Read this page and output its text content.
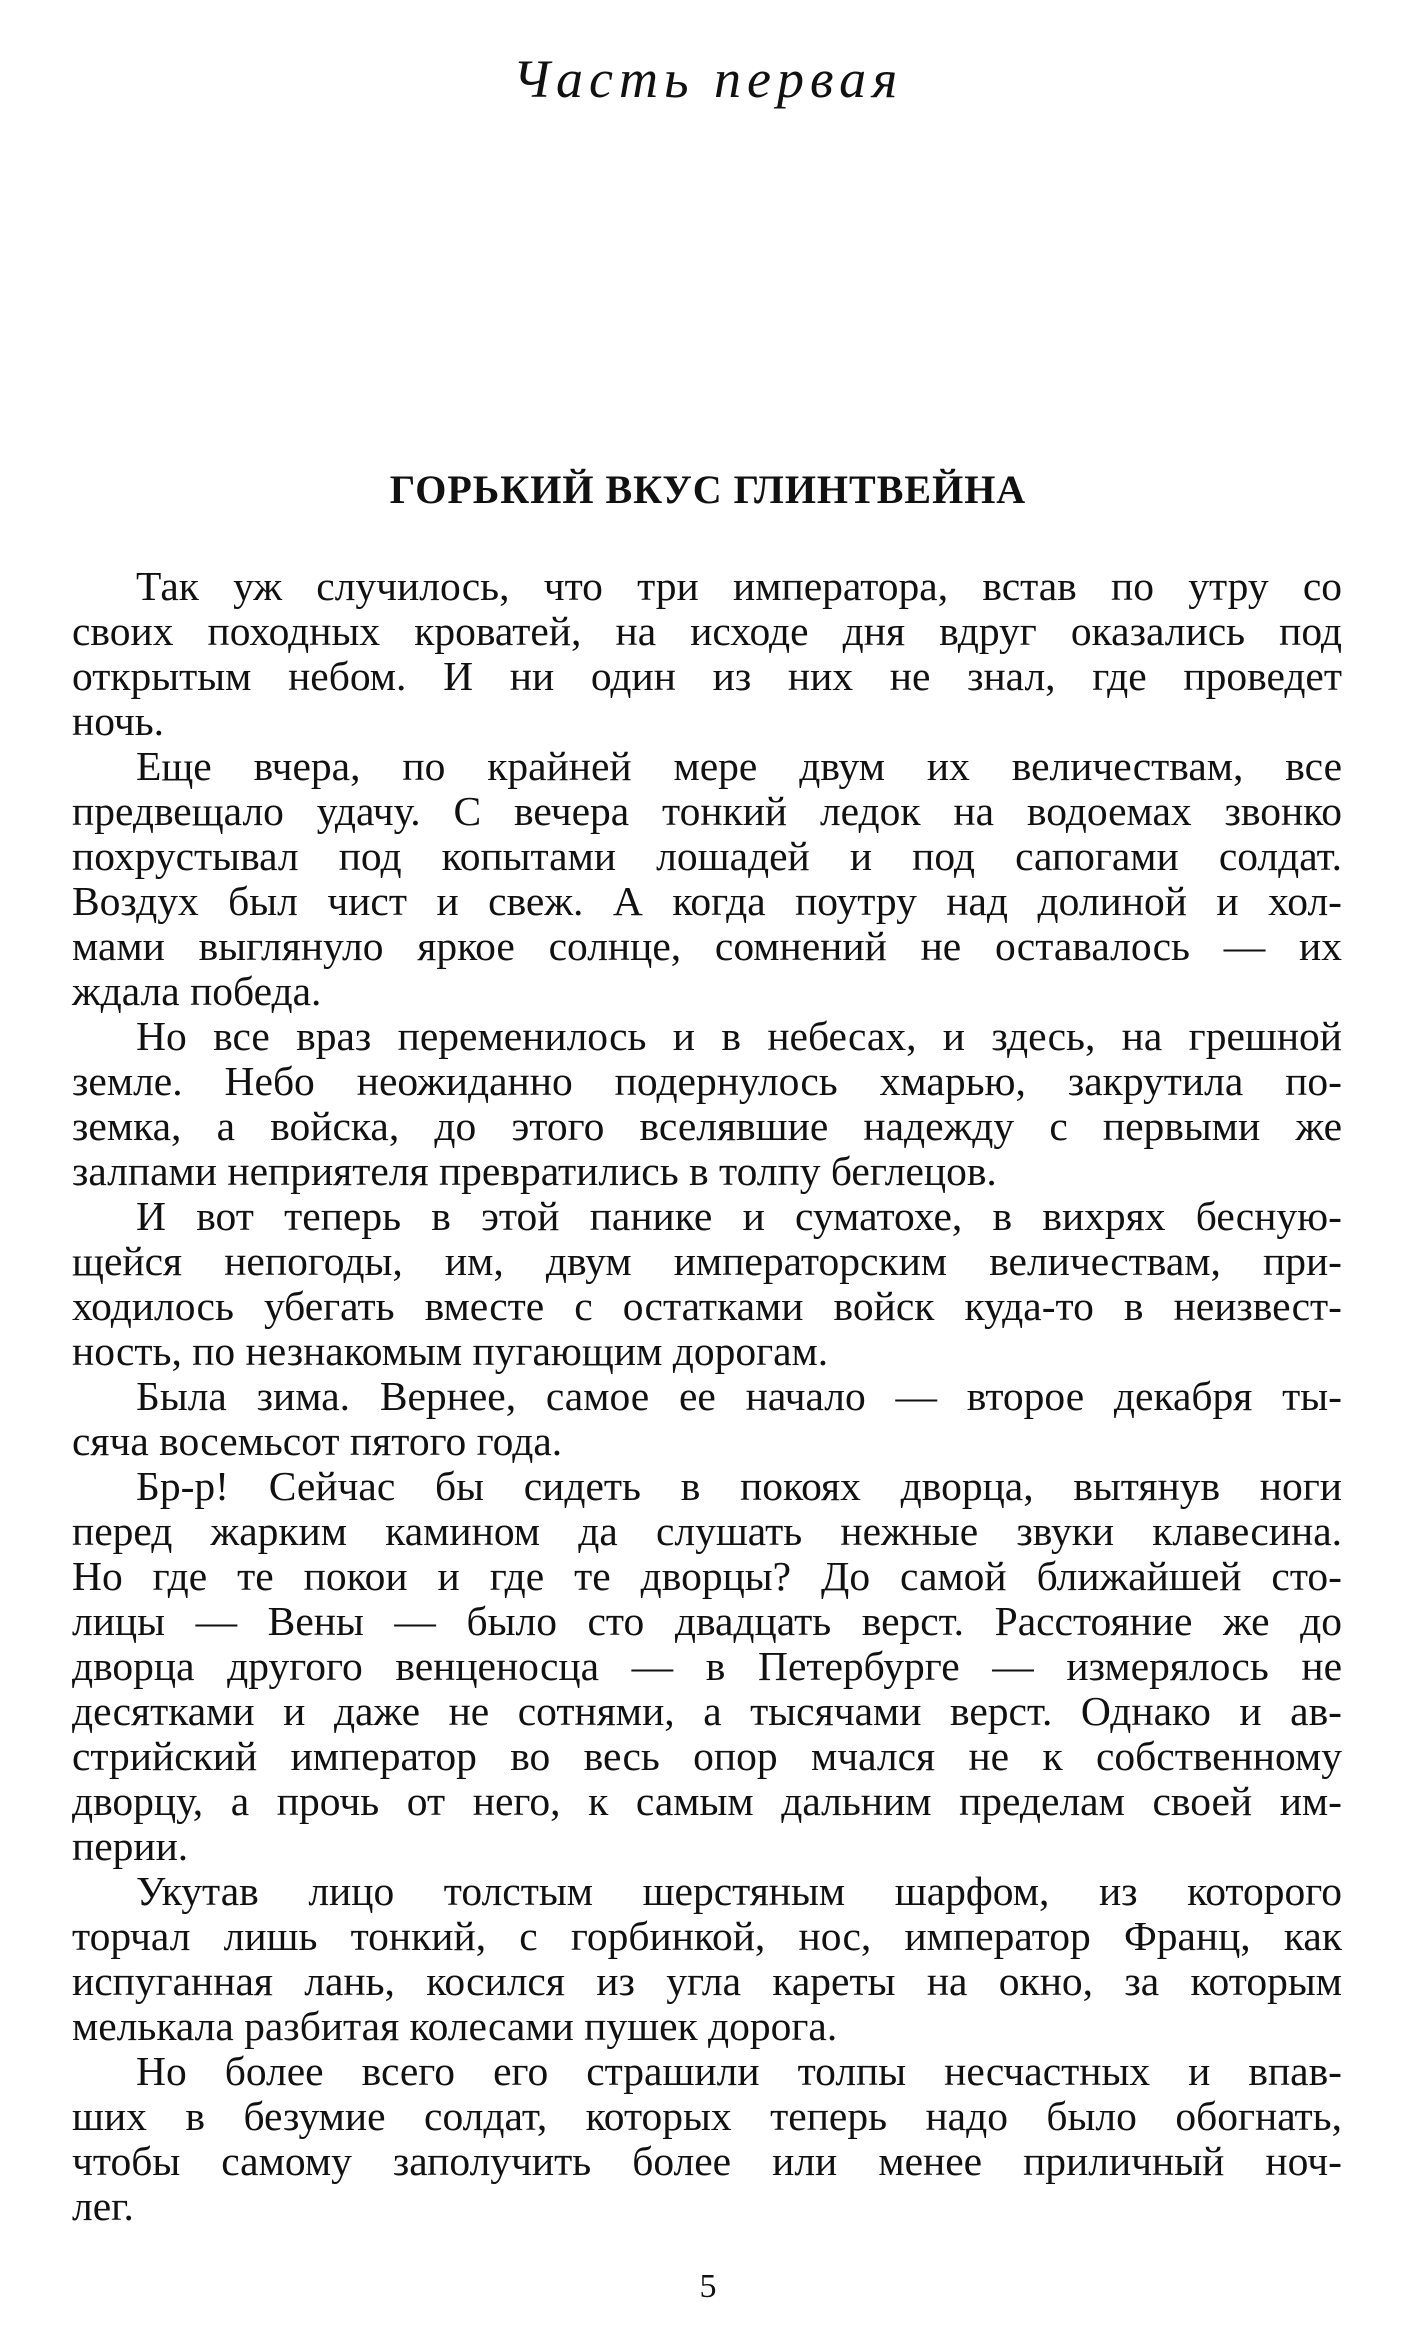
Часть первая
ГОРЬКИЙ ВКУС ГЛИНТВЕЙНА
Так уж случилось, что три императора, встав по утру со
своих походных кроватей, на исходе дня вдруг оказались под
открытым небом. И ни один из них не знал, где проведет
ночь.
Еще вчера, по крайней мере двум их величествам, все
предвещало удачу. С вечера тонкий ледок на водоемах звонко
похрустывал под копытами лошадей и под сапогами солдат.
Воздух был чист и свеж. А когда поутру над долиной и хол-
мами выглянуло яркое солнце, сомнений не оставалось — их
ждала победа.
Но все враз переменилось и в небесах, и здесь, на грешной
земле. Небо неожиданно подернулось хмарью, закрутила по-
земка, а войска, до этого вселявшие надежду с первыми же
залпами неприятеля превратились в толпу беглецов.
И вот теперь в этой панике и суматохе, в вихрях бесную-
щейся непогоды, им, двум императорским величествам, при-
ходилось убегать вместе с остатками войск куда-то в неизвест-
ность, по незнакомым пугающим дорогам.
Была зима. Вернее, самое ее начало — второе декабря ты-
сяча восемьсот пятого года.
Бр-р! Сейчас бы сидеть в покоях дворца, вытянув ноги
перед жарким камином да слушать нежные звуки клавесина.
Но где те покои и где те дворцы? До самой ближайшей сто-
лицы — Вены — было сто двадцать верст. Расстояние же до
дворца другого венценосца — в Петербурге — измерялось не
десятками и даже не сотнями, а тысячами верст. Однако и ав-
стрийский император во весь опор мчался не к собственному
дворцу, а прочь от него, к самым дальним пределам своей им-
перии.
Укутав лицо толстым шерстяным шарфом, из которого
торчал лишь тонкий, с горбинкой, нос, император Франц, как
испуганная лань, косился из угла кареты на окно, за которым
мелькала разбитая колесами пушек дорога.
Но более всего его страшили толпы несчастных и впав-
ших в безумие солдат, которых теперь надо было обогнать,
чтобы самому заполучить более или менее приличный ноч-
лег.
5
